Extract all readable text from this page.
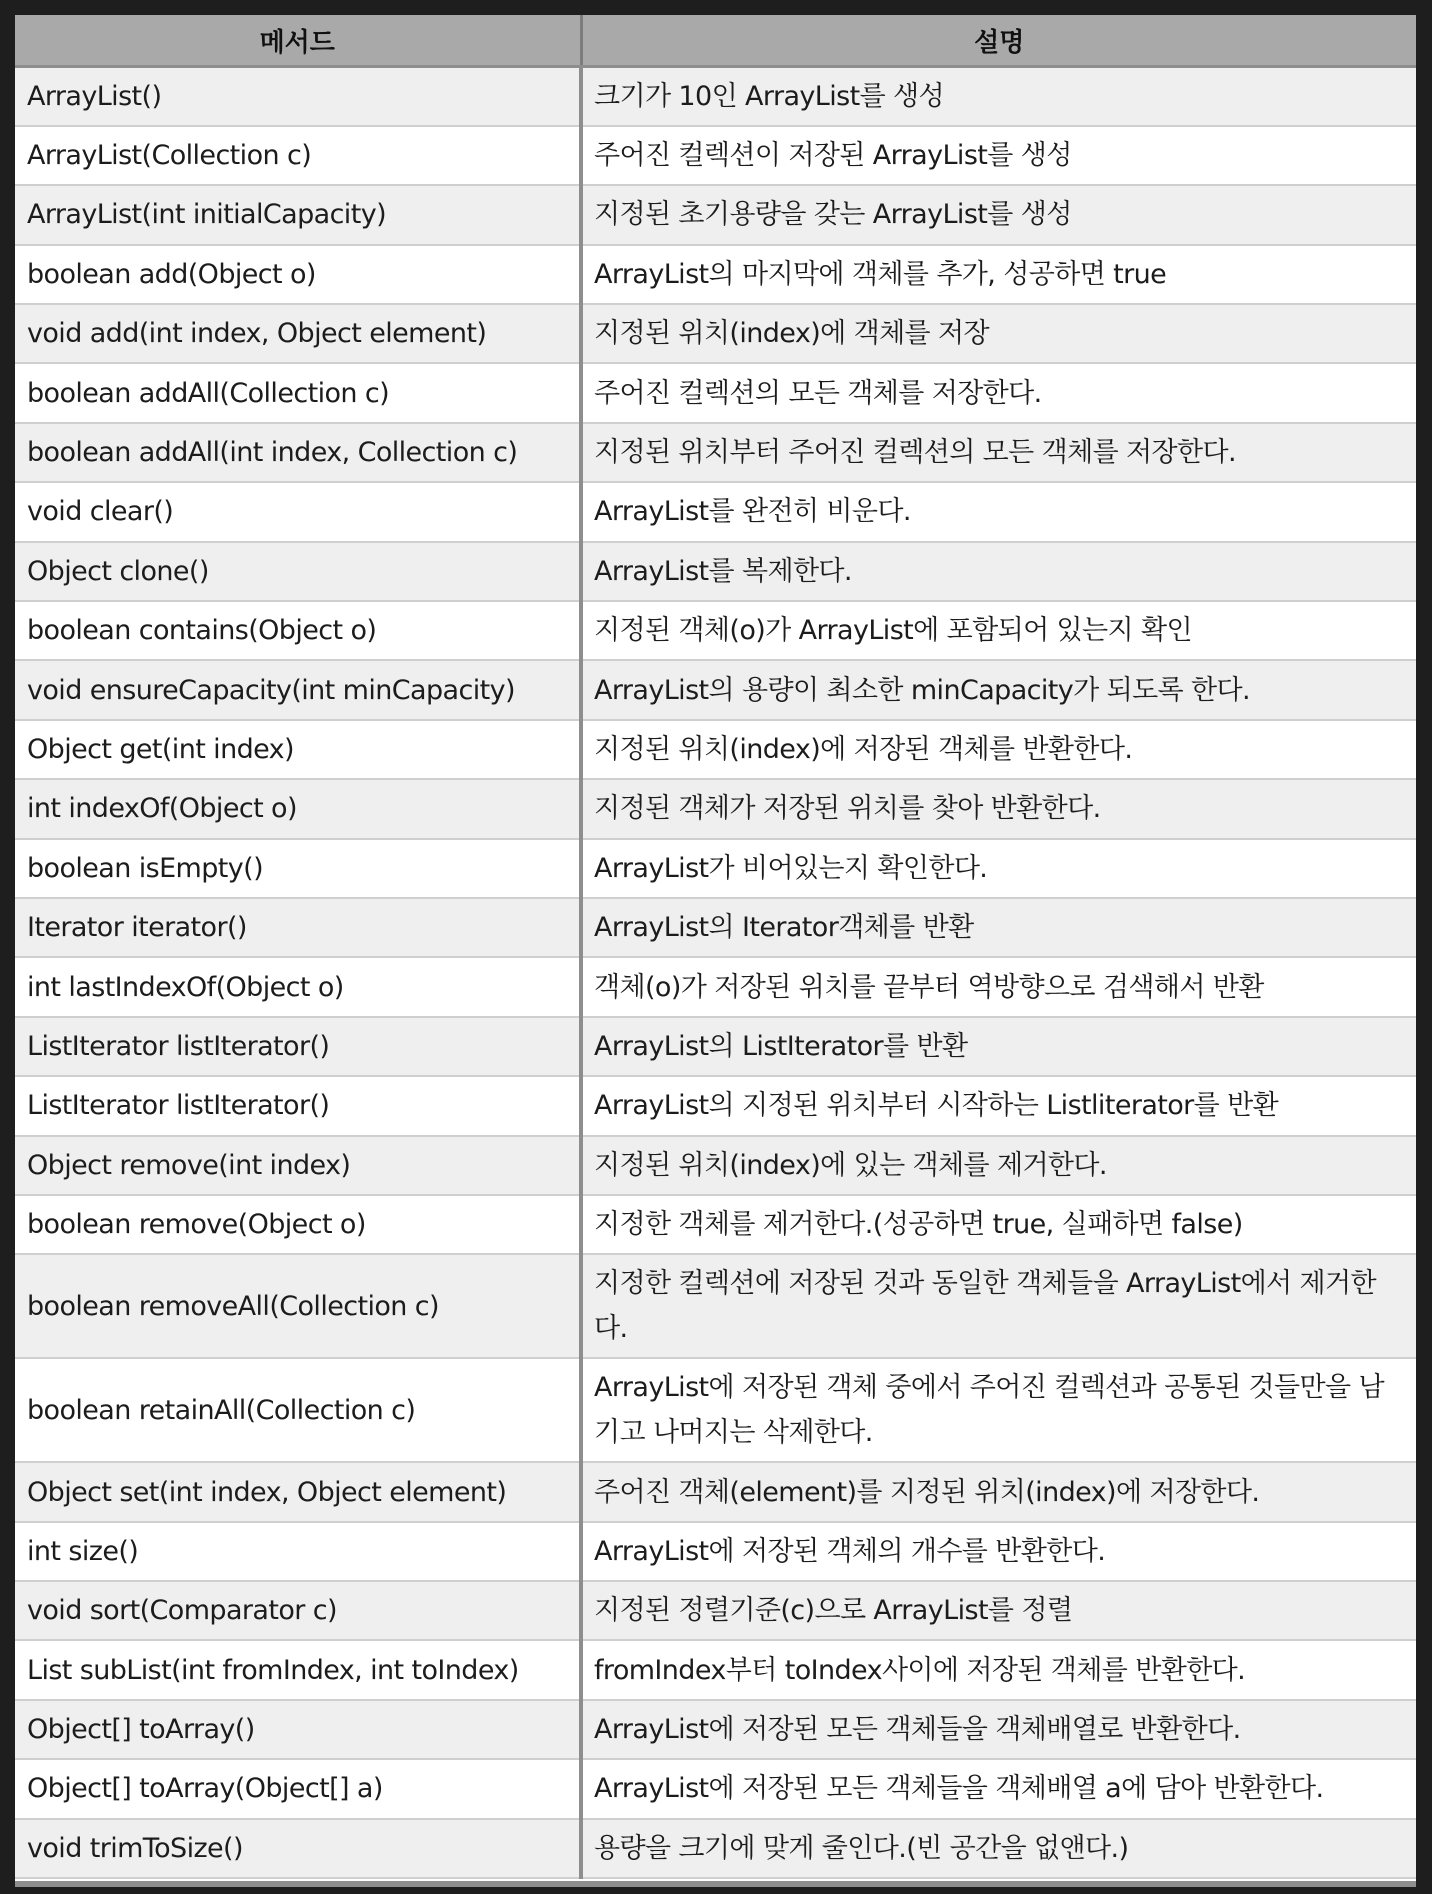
메서드	설명
ArrayList()	크기가 10인 ArrayList를 생성
ArrayList(Collection c)	주어진 컬렉션이 저장된 ArrayList를 생성
ArrayList(int initialCapacity)	지정된 초기용량을 갖는 ArrayList를 생성
boolean add(Object o)	ArrayList의 마지막에 객체를 추가, 성공하면 true
void add(int index, Object element)	지정된 위치(index)에 객체를 저장
boolean addAll(Collection c)	주어진 컬렉션의 모든 객체를 저장한다.
boolean addAll(int index, Collection c)	지정된 위치부터 주어진 컬렉션의 모든 객체를 저장한다.
void clear()	ArrayList를 완전히 비운다.
Object clone()	ArrayList를 복제한다.
boolean contains(Object o)	지정된 객체(o)가 ArrayList에 포함되어 있는지 확인
void ensureCapacity(int minCapacity)	ArrayList의 용량이 최소한 minCapacity가 되도록 한다.
Object get(int index)	지정된 위치(index)에 저장된 객체를 반환한다.
int indexOf(Object o)	지정된 객체가 저장된 위치를 찾아 반환한다.
boolean isEmpty()	ArrayList가 비어있는지 확인한다.
Iterator iterator()	ArrayList의 Iterator객체를 반환
int lastIndexOf(Object o)	객체(o)가 저장된 위치를 끝부터 역방향으로 검색해서 반환
ListIterator listIterator()	ArrayList의 ListIterator를 반환
ListIterator listIterator()	ArrayList의 지정된 위치부터 시작하는 Listliterator를 반환
Object remove(int index)	지정된 위치(index)에 있는 객체를 제거한다.
boolean remove(Object o)	지정한 객체를 제거한다.(성공하면 true, 실패하면 false)
boolean removeAll(Collection c)	지정한 컬렉션에 저장된 것과 동일한 객체들을 ArrayList에서 제거한다.
boolean retainAll(Collection c)	ArrayList에 저장된 객체 중에서 주어진 컬렉션과 공통된 것들만을 남기고 나머지는 삭제한다.
Object set(int index, Object element)	주어진 객체(element)를 지정된 위치(index)에 저장한다.
int size()	ArrayList에 저장된 객체의 개수를 반환한다.
void sort(Comparator c)	지정된 정렬기준(c)으로 ArrayList를 정렬
List subList(int fromIndex, int toIndex)	fromIndex부터 toIndex사이에 저장된 객체를 반환한다.
Object[] toArray()	ArrayList에 저장된 모든 객체들을 객체배열로 반환한다.
Object[] toArray(Object[] a)	ArrayList에 저장된 모든 객체들을 객체배열 a에 담아 반환한다.
void trimToSize()	용량을 크기에 맞게 줄인다.(빈 공간을 없앤다.)
